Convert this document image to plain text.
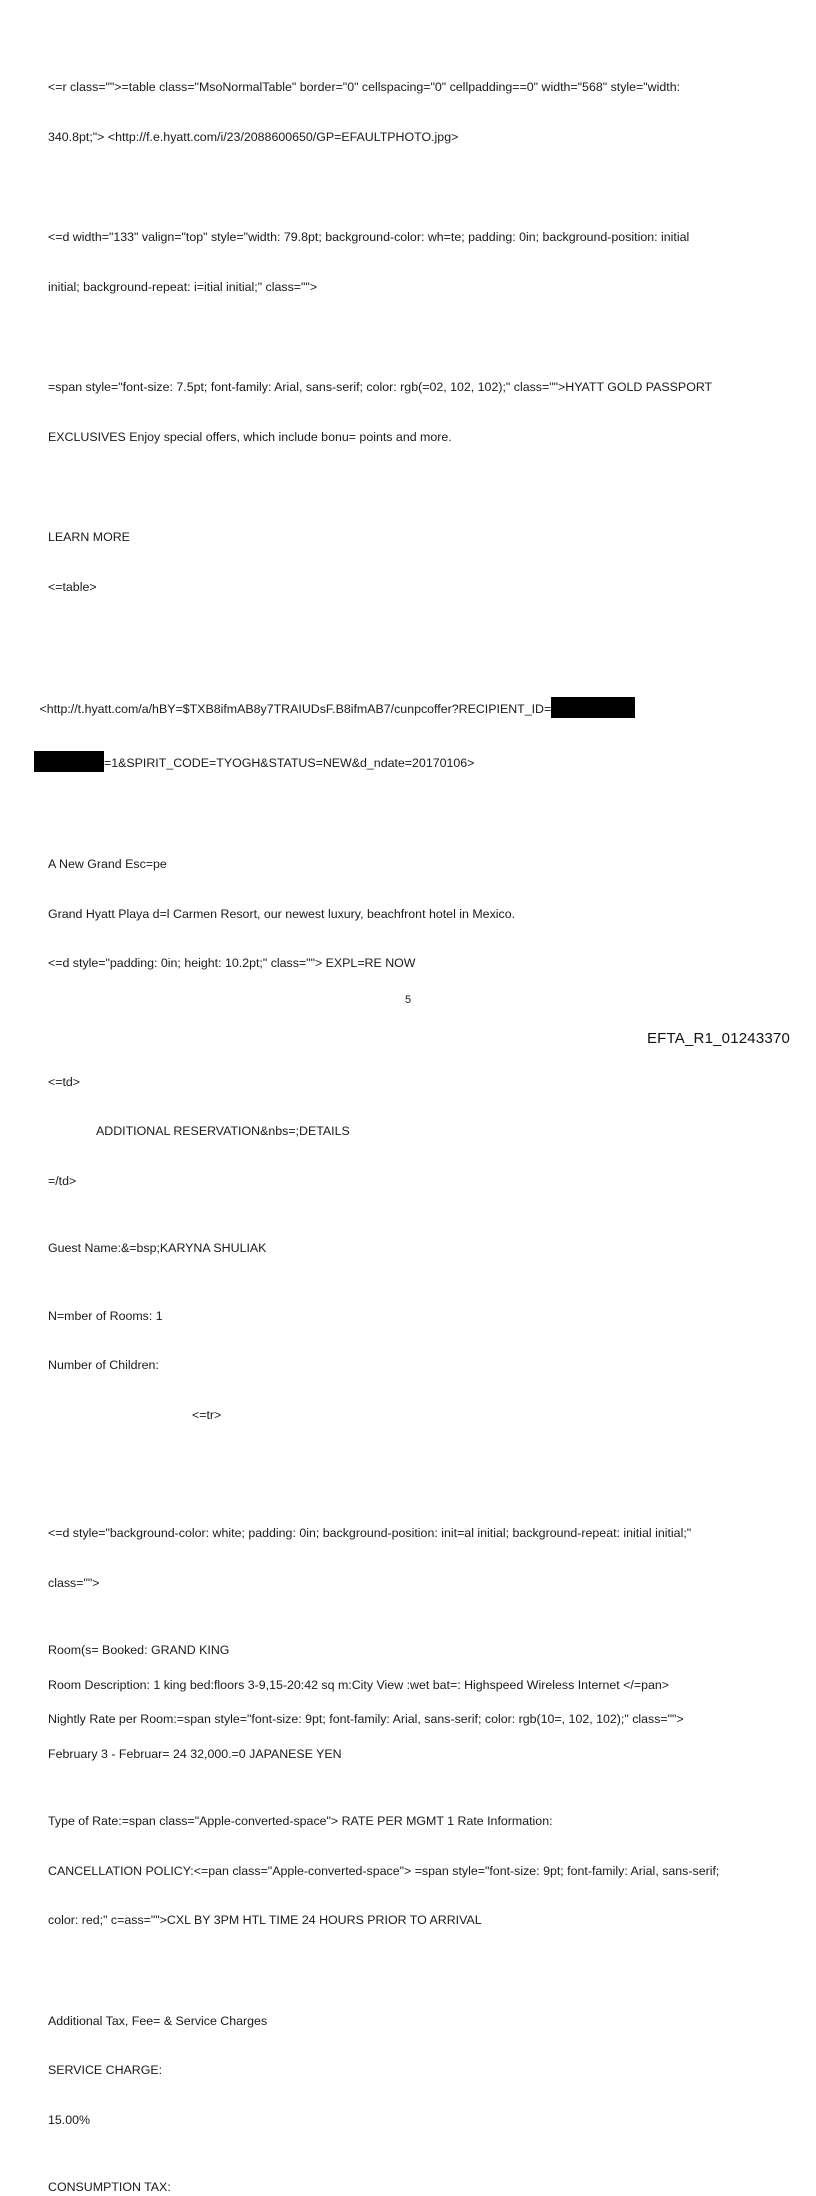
<=r class="">=table class="MsoNormalTable" border="0" cellspacing="0" cellpadding==0" width="568" style="width:

340.8pt;"> <http://f.e.hyatt.com/i/23/2088600650/GP=EFAULTPHOTO.jpg>

<=d width="133" valign="top" style="width: 79.8pt; background-color: wh=te; padding: 0in; background-position: initial

initial; background-repeat: i=itial initial;" class="">

=span style="font-size: 7.5pt; font-family: Arial, sans-serif; color: rgb(=02, 102, 102);" class="">HYATT GOLD PASSPORT

EXCLUSIVES Enjoy special offers, which include bonu= points and more.

LEARN MORE

<=table>

<http://t.hyatt.com/a/hBY=$TXB8ifmAB8y7TRAIUDsF.B8ifmAB7/cunpcoffer?RECIPIENT_ID=

=1&SPIRIT_CODE=TYOGH&STATUS=NEW&d_ndate=20170106>

A New Grand Esc=pe

Grand Hyatt Playa d=l Carmen Resort, our newest luxury, beachfront hotel in Mexico.

<=d style="padding: 0in; height: 10.2pt;" class=""> EXPL=RE NOW

<=td>

ADDITIONAL RESERVATION&nbs=;DETAILS

=/td>

Guest Name:&=bsp;KARYNA SHULIAK

N=mber of Rooms: 1

Number of Children:

<=tr>

<=d style="background-color: white; padding: 0in; background-position: init=al initial; background-repeat: initial initial;"

class="">

Room(s= Booked: GRAND KING

Room Description: 1 king bed:floors 3-9,15-20:42 sq m:City View :wet bat=: Highspeed Wireless Internet </=pan>

Nightly Rate per Room:=span style="font-size: 9pt; font-family: Arial, sans-serif; color: rgb(10=, 102, 102);" class="">

February 3 - Februar= 24 32,000.=0 JAPANESE YEN

Type of Rate:=span class="Apple-converted-space"> RATE PER MGMT 1 Rate Information:

CANCELLATION POLICY:<=pan class="Apple-converted-space"> =span style="font-size: 9pt; font-family: Arial, sans-serif;

color: red;" c=ass="">CXL BY 3PM HTL TIME 24 HOURS PRIOR TO ARRIVAL

Additional Tax, Fee= & Service Charges

SERVICE CHARGE:

15.00%

CONSUMPTION TAX:

5
EFTA_R1_01243370
